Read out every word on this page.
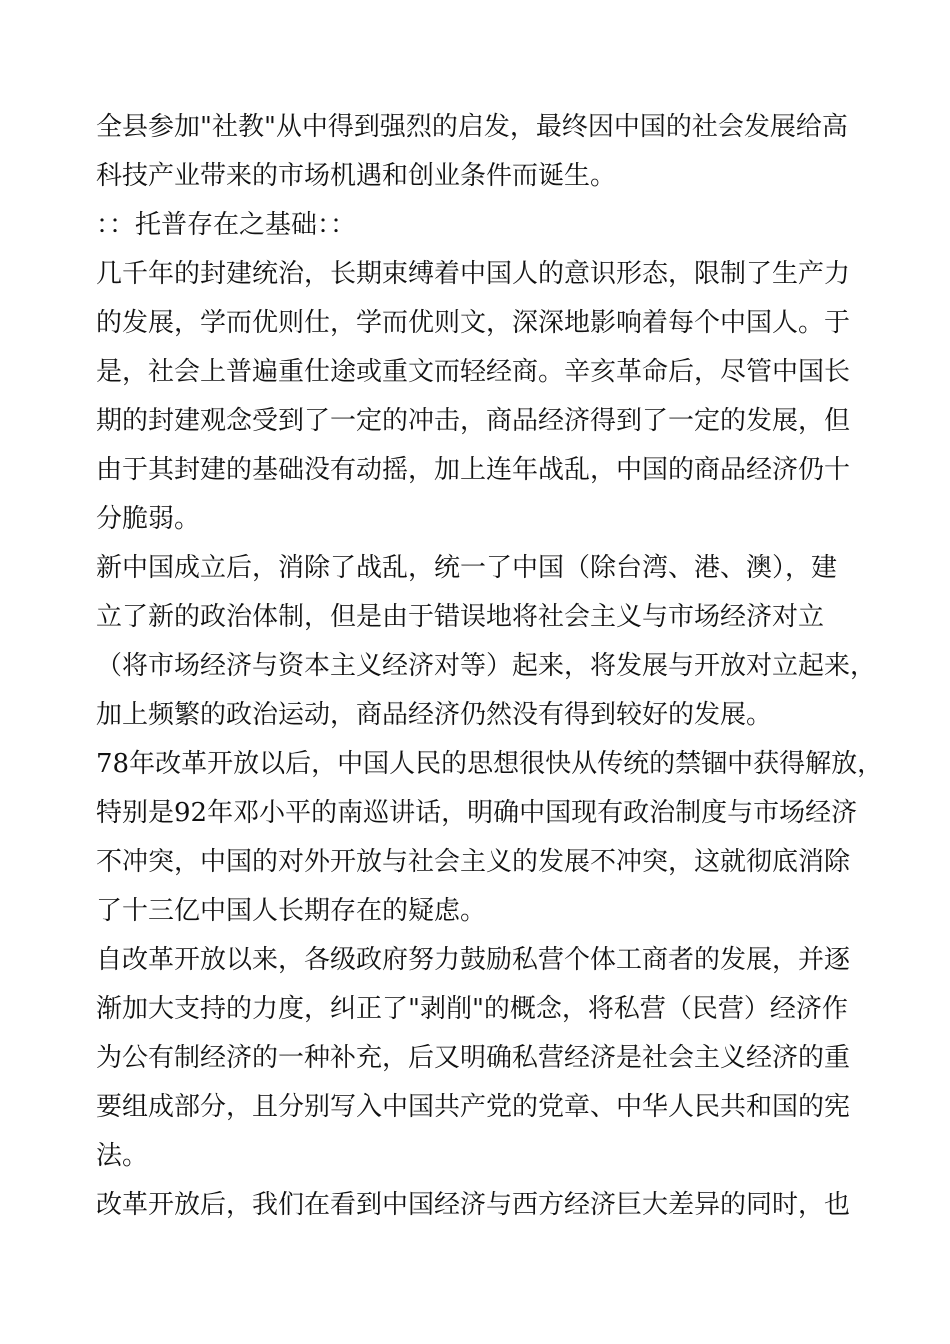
全县参加"社教"从中得到强烈的启发，最终因中国的社会发展给高
科技产业带来的市场机遇和创业条件而诞生。

：：托普存在之基础：：

几千年的封建统治，长期束缚着中国人的意识形态，限制了生产力
的发展，学而优则仕，学而优则文，深深地影响着每个中国人。于
是，社会上普遍重仕途或重文而轻经商。辛亥革命后，尽管中国长
期的封建观念受到了一定的冲击，商品经济得到了一定的发展，但
由于其封建的基础没有动摇，加上连年战乱，中国的商品经济仍十
分脆弱。

新中国成立后，消除了战乱，统一了中国（除台湾、港、澳），建
立了新的政治体制，但是由于错误地将社会主义与市场经济对立
（将市场经济与资本主义经济对等）起来，将发展与开放对立起来，
加上频繁的政治运动，商品经济仍然没有得到较好的发展。

78年改革开放以后，中国人民的思想很快从传统的禁锢中获得解放，
特别是92年邓小平的南巡讲话，明确中国现有政治制度与市场经济
不冲突，中国的对外开放与社会主义的发展不冲突，这就彻底消除
了十三亿中国人长期存在的疑虑。

自改革开放以来，各级政府努力鼓励私营个体工商者的发展，并逐
渐加大支持的力度，纠正了"剥削"的概念，将私营（民营）经济作
为公有制经济的一种补充，后又明确私营经济是社会主义经济的重
要组成部分，且分别写入中国共产党的党章、中华人民共和国的宪
法。

改革开放后，我们在看到中国经济与西方经济巨大差异的同时，也
